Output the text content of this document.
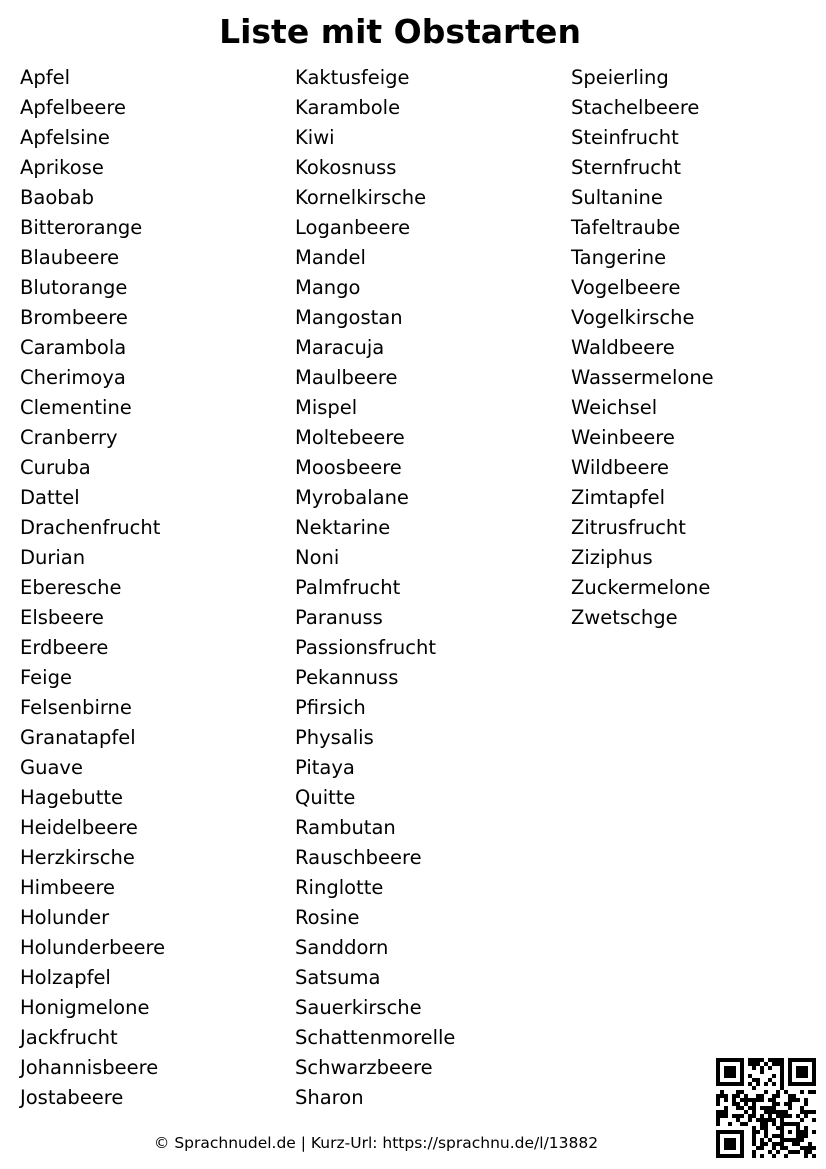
Liste mit Obstarten
Apfel
Apfelbeere
Apfelsine
Aprikose
Baobab
Bitterorange
Blaubeere
Blutorange
Brombeere
Carambola
Cherimoya
Clementine
Cranberry
Curuba
Dattel
Drachenfrucht
Durian
Eberesche
Elsbeere
Erdbeere
Feige
Felsenbirne
Granatapfel
Guave
Hagebutte
Heidelbeere
Herzkirsche
Himbeere
Holunder
Holunderbeere
Holzapfel
Honigmelone
Jackfrucht
Johannisbeere
Jostabeere
Kaktusfeige
Karambole
Kiwi
Kokosnuss
Kornelkirsche
Loganbeere
Mandel
Mango
Mangostan
Maracuja
Maulbeere
Mispel
Moltebeere
Moosbeere
Myrobalane
Nektarine
Noni
Palmfrucht
Paranuss
Passionsfrucht
Pekannuss
Pfirsich
Physalis
Pitaya
Quitte
Rambutan
Rauschbeere
Ringlotte
Rosine
Sanddorn
Satsuma
Sauerkirsche
Schattenmorelle
Schwarzbeere
Sharon
Speierling
Stachelbeere
Steinfrucht
Sternfrucht
Sultanine
Tafeltraube
Tangerine
Vogelbeere
Vogelkirsche
Waldbeere
Wassermelone
Weichsel
Weinbeere
Wildbeere
Zimtapfel
Zitrusfrucht
Ziziphus
Zuckermelone
Zwetschge
© Sprachnudel.de | Kurz-Url: https://sprachnu.de/l/13882
